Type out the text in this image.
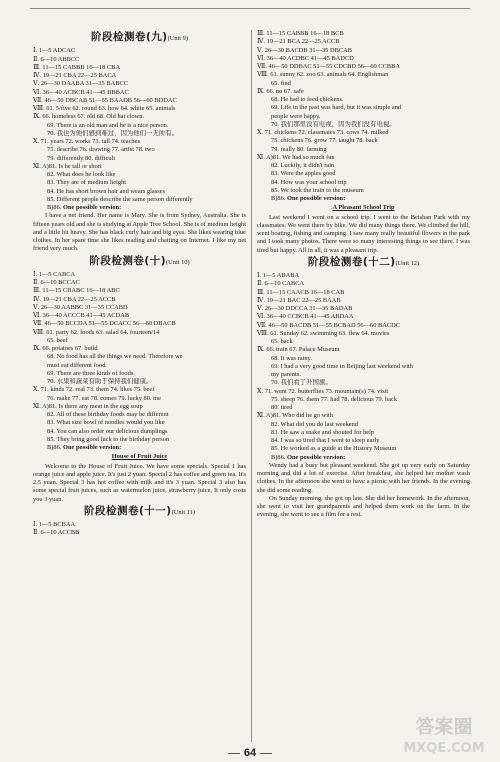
阶段检测卷(九)(Unit 9)
Ⅰ. 1—5 ADCAC
Ⅱ. 6—10 ABBCC
Ⅲ. 11—15 CABBB 16—18 CBA
Ⅳ. 19—21 CBA 22—25 BACA
Ⅴ. 26—30 DAABA 31—35 BABCC
Ⅵ. 36—40 ACBCB 41—45 BBBAC
Ⅶ. 46—50 DBCAB 51—55 BAADB 56—60 BDDAC
Ⅷ. 61. 5/five 62. round 63. how 64. white 65. animals
Ⅸ. 66. homeless 67. old 68. Old hat clown.
69. There is an old man and he is a nice person.
70. 我也为他们感到难过，因为他们一无所有。
Ⅹ. 71. years 72. works 73. tall 74. teaches
75. describe 76. drawing 77. artist 78. two
79. differently 80. difficult
Ⅺ. A)81. Is he tall or short
82. What does he look like
83. They are of medium height
84. He has short brown hair and wears glasses
85. Different people describe the same person differently
B)86. One possible version:
I have a net friend. Her name is Mary. She is from Sydney, Australia. She is fifteen years old and she is studying at Apple Tree School. She is of medium height and a little bit heavy. She has black curly hair and big eyes. She likes wearing blue clothes. In her spare time she likes reading and chatting on Internet. I like my net friend very much.
阶段检测卷(十)(Unit 10)
Ⅰ. 1—5 CABCA
Ⅱ. 6—10 BCCAC
Ⅲ. 11—15 CBABC 16—18 ABC
Ⅳ. 19—21 CBA 22—25 ACCB
Ⅴ. 26—30 AABBC 31—35 CCABD
Ⅵ. 36—40 ACCCB 41—45 ACDAB
Ⅶ. 46—50 BCCDA 51—55 DCACC 56—60 DBACB
Ⅷ. 61. party 62. foods 63. salad 64. fourteen/14
65. beef
Ⅸ. 66. potatoes 67. build
68. No food has all the things we need. Therefore we
must eat different food.
69. There are three kinds of foods.
70. 水果和蔬菜有助于保持我们健康。
Ⅹ. 71. kinds 72. real 73. them 74. likes 75. beef
76. make 77. eat 78. comes 79. lucky 80. me
Ⅺ. A)81. Is there any meat in the egg soup
82. All of these birthday foods may be different
83. What size bowl of noodles would you like
84. You can also order our delicious dumplings
85. They bring good luck to the birthday person
B)86. One possible version:
House of Fruit Juice
Welcome to the House of Fruit Juice. We have some specials. Special 1 has orange juice and apple juice. It's just 2 yuan. Special 2 has coffee and green tea. It's 2.5 yuan. Special 3 has hot coffee with milk and it's 3 yuan. Special 3 also has some special fruit juices, such as watermelon juice, strawberry juice, It only costs you 3 yuan.
阶段检测卷(十一)(Unit 11)
Ⅰ. 1—5 BCBAA
Ⅱ. 6—10 ACCBB
Ⅲ. 11—15 CABBB 16—18 BCB
Ⅳ. 19—21 BCA 22—25 ACCB
Ⅴ. 26—30 BACDB 31—35 DBCAB
Ⅵ. 36—40 ACDBC 41—45 BADCD
Ⅶ. 46—50 DDBAC 51—55 CDCBD 56—60 CCBBA
Ⅷ. 61. sunny 62. zoo 63. animals 64. Englishman
65. find
Ⅸ. 66. no 67. safe
68. He had to feed chickens.
69. Life in the past was hard, but it was simple and
people were happy.
70. 我们那里没有电视，因为我们没有电视。
Ⅹ. 71. chickens 72. classmates 73. cows 74. milked
75. chickens 76. grow 77. taught 78. back
79. really 80. farming
Ⅺ. A)81. We had so much fun
82. Luckily, it didn't rain
83. Were the apples good
84. How was your school trip
85. We took the train to the museum
B)86. One possible version:
A Pleasant School Trip
Last weekend I went on a school trip. I went to the Beishan Park with my classmates. We went there by bike. We did many things there. We climbed the hill, went boating, fishing and camping. I saw many really beautiful flowers in the park and I took many photos. There were so many interesting things to see there. I was tired but happy. All in all, it was a pleasant trip.
阶段检测卷(十二)(Unit 12)
Ⅰ. 1—5 ABABA
Ⅱ. 6—10 CABCA
Ⅲ. 11—15 CAACB 16—18 CAB
Ⅳ. 19—21 BAC 22—25 BAAB
Ⅴ. 26—30 DDCCA 31—35 BADAB
Ⅵ. 36—40 CCBCB 41—45 ABDAA
Ⅶ. 46—50 BACDB 51—55 BCBAD 56—60 BACDC
Ⅷ. 61. Sunday 62. swimming 63. flew 64. movies
65. back
Ⅸ. 66. train 67. Palace Museum
68. It was rainy.
69. I had a very good time in Beijing last weekend with
my parents.
70. 我们看了升国旗。
Ⅹ. 71. went 72. butterflies 73. mountain(s) 74. visit
75. sheep 76. them 77. had 78. delicious 79. back
80. tired
Ⅺ. A)81. Who did he go with
82. What did you do last weekend
83. He saw a snake and shouted for help
84. I was so tired that I went to sleep early
85. He worked as a guide at the History Museum
B)86. One possible version:
Wendy had a busy but pleasant weekend. She got up very early on Saturday morning and did a lot of exercise. After breakfast, she helped her mother wash clothes. In the afternoon she went to have a picnic with her friends. In the evening she did some reading.
On Sunday morning, she got up late. She did her homework. In the afternoon, she went to visit her grandparents and helped them work on the farm. In the evening, she went to see a film for a rest.
64
答案圈
MXQE.COM
